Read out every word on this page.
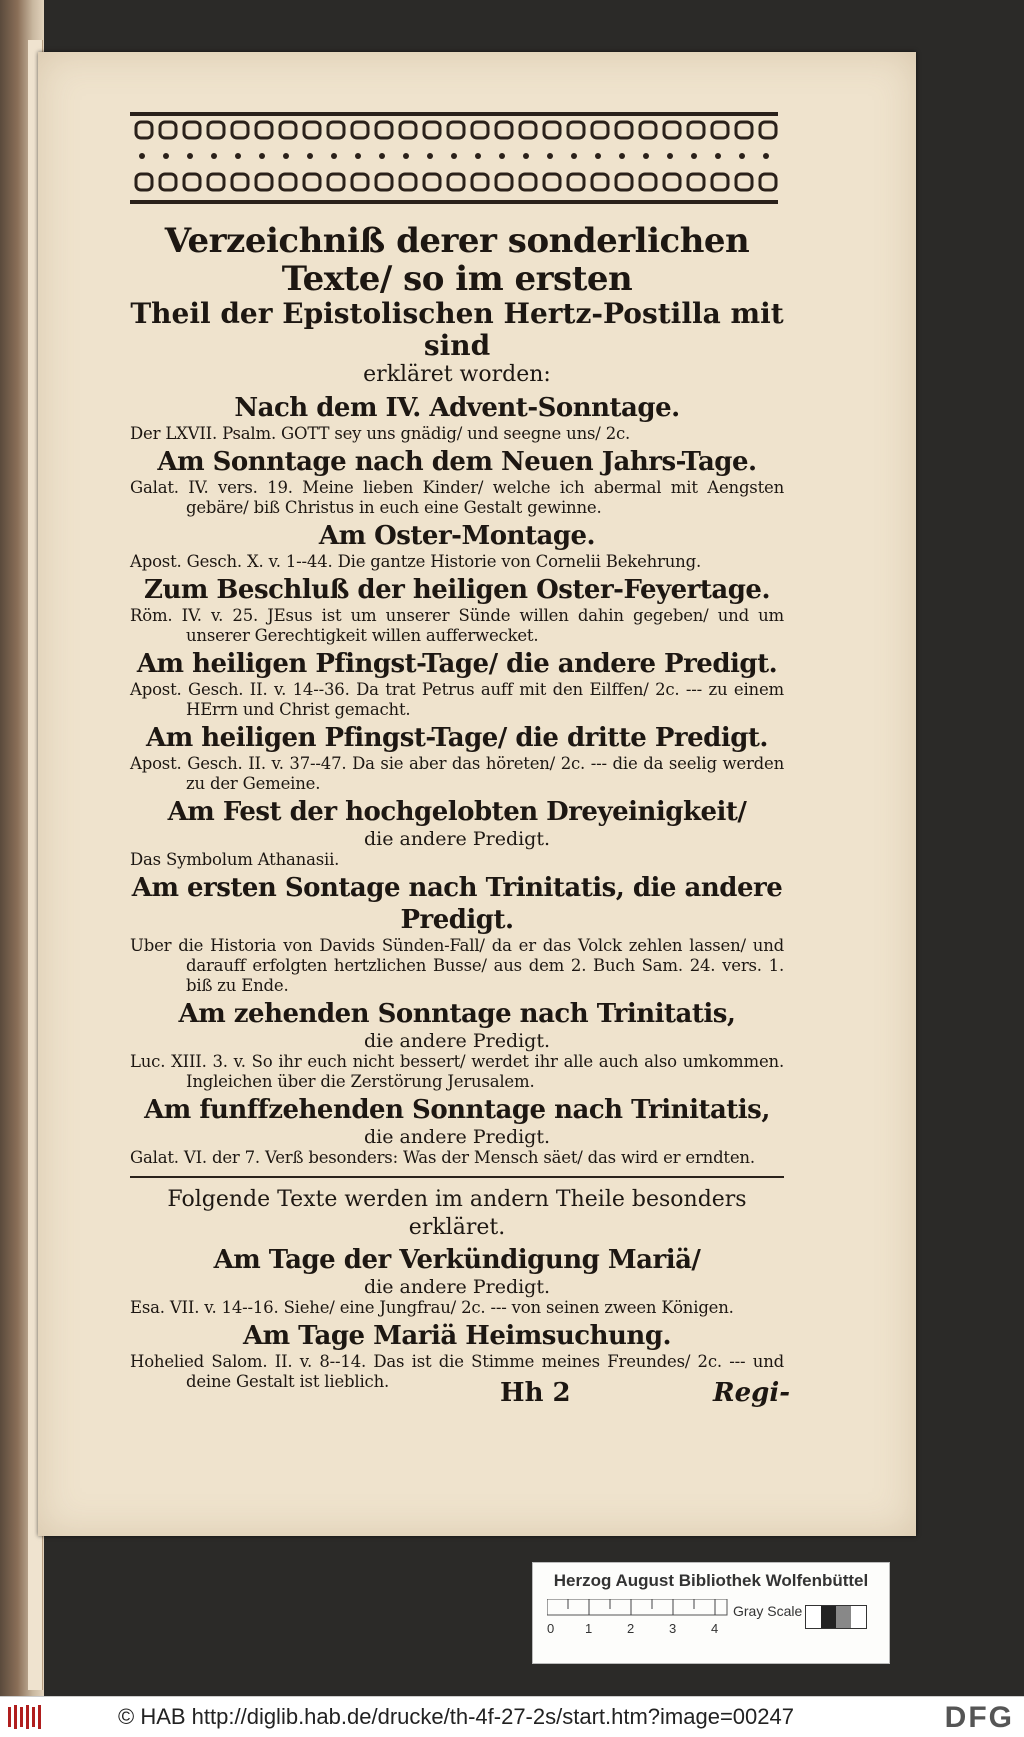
Verzeichniß derer sonderlichen Texte/ so im ersten

Theil der Epistolischen Hertz-Postilla mit sind

erkläret worden:

Nach dem IV. Advent-Sonntage.

Der LXVII. Psalm. GOTT sey uns gnädig/ und seegne uns/ 2c.

Am Sonntage nach dem Neuen Jahrs-Tage.

Galat. IV. vers. 19. Meine lieben Kinder/ welche ich abermal mit Aengsten gebäre/ biß Christus in euch eine Gestalt gewinne.

Am Oster-Montage.

Apost. Gesch. X. v. 1--44. Die gantze Historie von Cornelii Bekehrung.

Zum Beschluß der heiligen Oster-Feyertage.

Röm. IV. v. 25. JEsus ist um unserer Sünde willen dahin gegeben/ und um unserer Gerechtigkeit willen aufferwecket.

Am heiligen Pfingst-Tage/ die andere Predigt.

Apost. Gesch. II. v. 14--36. Da trat Petrus auff mit den Eilffen/ 2c. --- zu einem HErrn und Christ gemacht.

Am heiligen Pfingst-Tage/ die dritte Predigt.

Apost. Gesch. II. v. 37--47. Da sie aber das höreten/ 2c. --- die da seelig werden zu der Gemeine.

Am Fest der hochgelobten Dreyeinigkeit/

die andere Predigt.

Das Symbolum Athanasii.

Am ersten Sontage nach Trinitatis, die andere Predigt.

Uber die Historia von Davids Sünden-Fall/ da er das Volck zehlen lassen/ und darauff erfolgten hertzlichen Busse/ aus dem 2. Buch Sam. 24. vers. 1. biß zu Ende.

Am zehenden Sonntage nach Trinitatis,

die andere Predigt.

Luc. XIII. 3. v. So ihr euch nicht bessert/ werdet ihr alle auch also umkommen. Ingleichen über die Zerstörung Jerusalem.

Am funffzehenden Sonntage nach Trinitatis,

die andere Predigt.

Galat. VI. der 7. Verß besonders: Was der Mensch säet/ das wird er erndten.

Folgende Texte werden im andern Theile besonders erkläret.

Am Tage der Verkündigung Mariä/

die andere Predigt.

Esa. VII. v. 14--16. Siehe/ eine Jungfrau/ 2c. --- von seinen zween Königen.

Am Tage Mariä Heimsuchung.

Hohelied Salom. II. v. 8--14. Das ist die Stimme meines Freundes/ 2c. --- und deine Gestalt ist lieblich.	Hh 2	Regi-
Herzog August Bibliothek Wolfenbüttel
0 1	2	3	4
Gray Scale
© HAB http://diglib.hab.de/drucke/th-4f-27-2s/start.htm?image=00247	DFG
